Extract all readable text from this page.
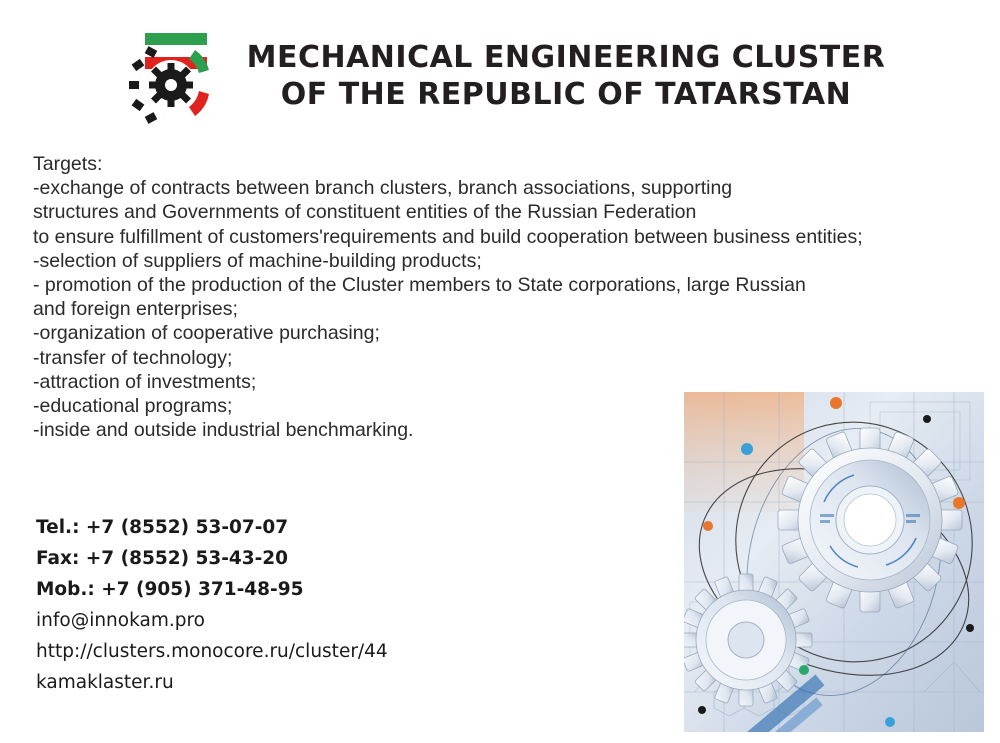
MECHANICAL ENGINEERING CLUSTER
OF THE REPUBLIC OF TATARSTAN
Targets:
-exchange of contracts between branch clusters, branch associations, supporting
structures and Governments of constituent entities of the Russian Federation
to ensure fulfillment of customers'requirements and build cooperation between business entities;
-selection of suppliers of machine-building products;
- promotion of the production of the Cluster members to State corporations, large Russian
and foreign enterprises;
-organization of cooperative purchasing;
-transfer of technology;
-attraction of investments;
-educational programs;
-inside and outside industrial benchmarking.
Tel.: +7 (8552) 53-07-07
Fax: +7 (8552) 53-43-20
Mob.: +7 (905) 371-48-95
info@innokam.pro
http://clusters.monocore.ru/cluster/44
kamaklaster.ru
